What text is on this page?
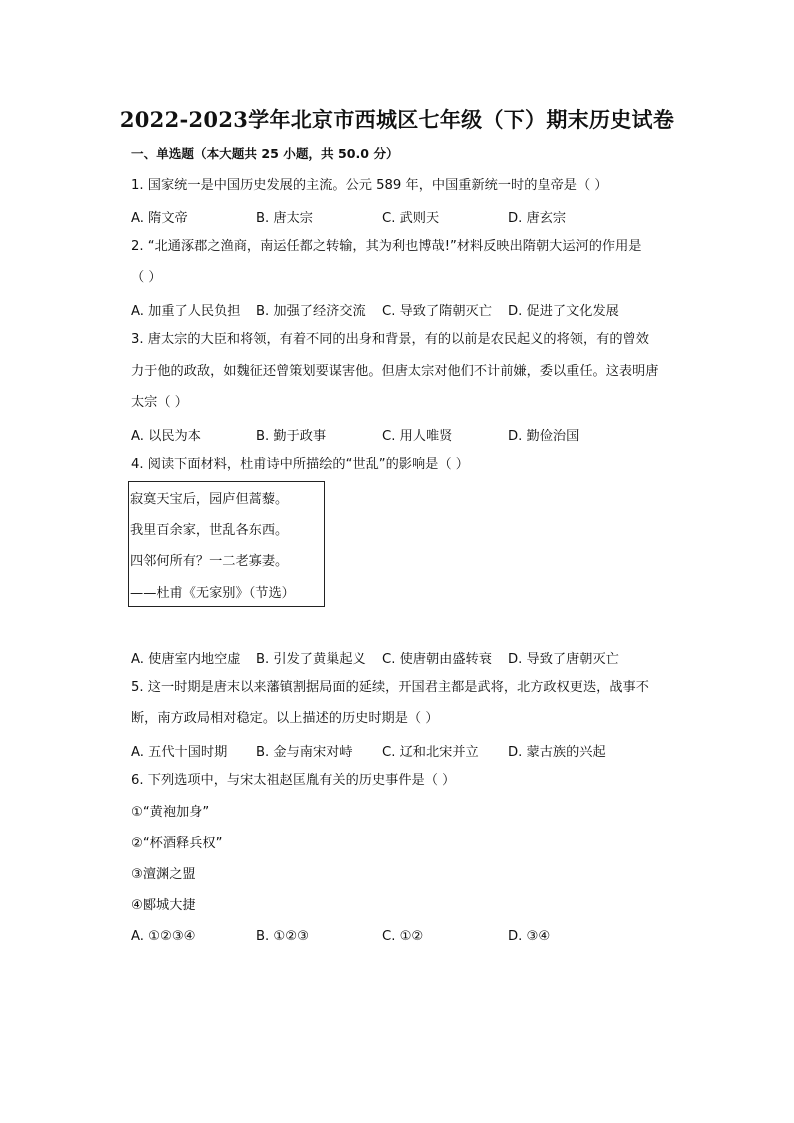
2022-2023学年北京市西城区七年级（下）期末历史试卷
一、单选题（本大题共 25 小题，共 50.0 分）
1. 国家统一是中国历史发展的主流。公元 589 年，中国重新统一时的皇帝是（ ）
A. 隋文帝	B. 唐太宗	C. 武则天	D. 唐玄宗
2. “北通涿郡之渔商，南运任都之转输，其为利也博哉!”材料反映出隋朝大运河的作用是
（ ）
A. 加重了人民负担 B. 加强了经济交流 C. 导致了隋朝灭亡 D. 促进了文化发展
3. 唐太宗的大臣和将领，有着不同的出身和背景，有的以前是农民起义的将领，有的曾效
力于他的政敌，如魏征还曾策划要谋害他。但唐太宗对他们不计前嫌，委以重任。这表明唐
太宗（ ）
A. 以民为本	B. 勤于政事	C. 用人唯贤	D. 勤俭治国
4. 阅读下面材料，杜甫诗中所描绘的“世乱”的影响是（ ）
寂寞天宝后，园庐但蒿藜。
我里百余家，世乱各东西。
四邻何所有？一二老寡妻。
——杜甫《无家别》（节选）
A. 使唐室内地空虚 B. 引发了黄巢起义 C. 使唐朝由盛转衰 D. 导致了唐朝灭亡
5. 这一时期是唐末以来藩镇割据局面的延续，开国君主都是武将，北方政权更迭，战事不
断，南方政局相对稳定。以上描述的历史时期是（ ）
A. 五代十国时期 B. 金与南宋对峙 C. 辽和北宋并立 D. 蒙古族的兴起
6. 下列选项中，与宋太祖赵匡胤有关的历史事件是（ ）
①“黄袍加身”
②“杯酒释兵权”
③澶渊之盟
④郾城大捷
A. ①②③④	B. ①②③	C. ①②	D. ③④
